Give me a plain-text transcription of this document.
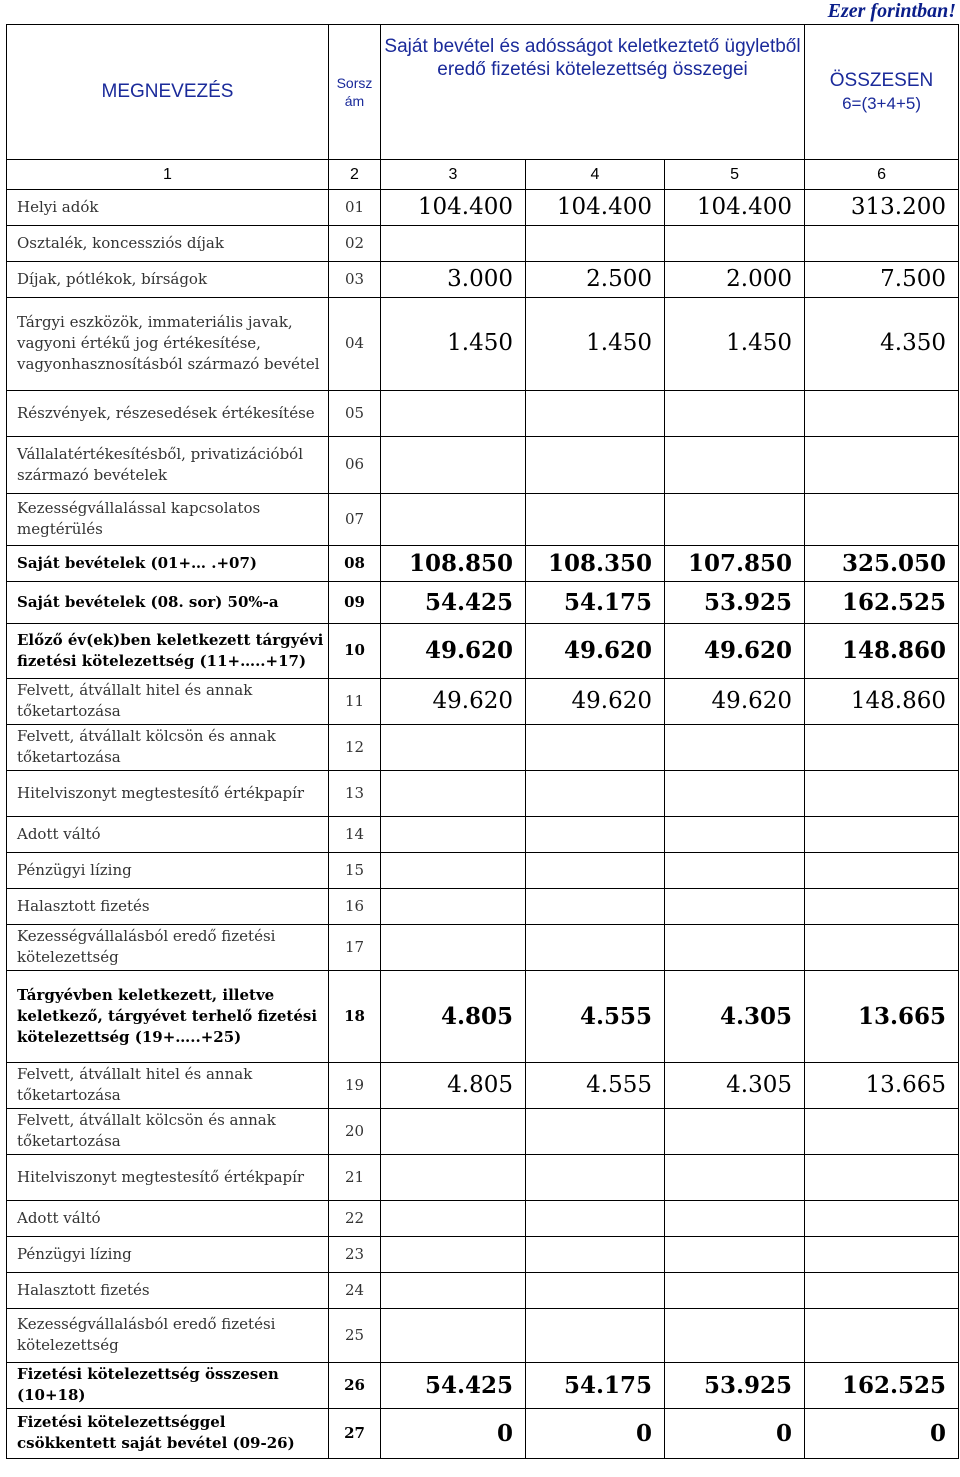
Ezer forintban!
MEGNEVEZÉS	Sorsz ám	Saját bevétel és adósságot keletkeztető ügyletből eredő fizetési kötelezettség összegei			ÖSSZESEN
6=(3+4+5)

1	2	3	4	5	6
Helyi adók	01	104.400	104.400	104.400	313.200
Osztalék, koncessziós díjak	02				
Díjak, pótlékok, bírságok	03	3.000	2.500	2.000	7.500
Tárgyi eszközök, immateriális javak, vagyoni értékű jog értékesítése, vagyonhasznosításból származó bevétel	04	1.450	1.450	1.450	4.350
Részvények, részesedések értékesítése	05				
Vállalatértékesítésből, privatizációból származó bevételek	06				
Kezességvállalással kapcsolatos megtérülés	07				
Saját bevételek (01+… .+07)	08	108.850	108.350	107.850	325.050
Saját bevételek (08. sor) 50%-a	09	54.425	54.175	53.925	162.525
Előző év(ek)ben keletkezett tárgyévi fizetési kötelezettség (11+…..+17)	10	49.620	49.620	49.620	148.860
Felvett, átvállalt hitel és annak tőketartozása	11	49.620	49.620	49.620	148.860
Felvett, átvállalt kölcsön és annak tőketartozása	12				

Hitelviszonyt megtestesítő értékpapír	13				
Adott váltó	14				
Pénzügyi lízing	15				
Halasztott fizetés	16				
Kezességvállalásból eredő fizetési kötelezettség	17				
Tárgyévben keletkezett, illetve keletkező, tárgyévet terhelő fizetési kötelezettség (19+…..+25)	18	4.805	4.555	4.305	13.665
Felvett, átvállalt hitel és annak tőketartozása	19	4.805	4.555	4.305	13.665
Felvett, átvállalt kölcsön és annak tőketartozása	20				

Hitelviszonyt megtestesítő értékpapír	21				
Adott váltó	22				
Pénzügyi lízing	23				
Halasztott fizetés	24				
Kezességvállalásból eredő fizetési kötelezettség	25				
Fizetési kötelezettség összesen (10+18)	26	54.425	54.175	53.925	162.525
Fizetési kötelezettséggel csökkentett saját bevétel (09-26)	27	0	0	0	0
